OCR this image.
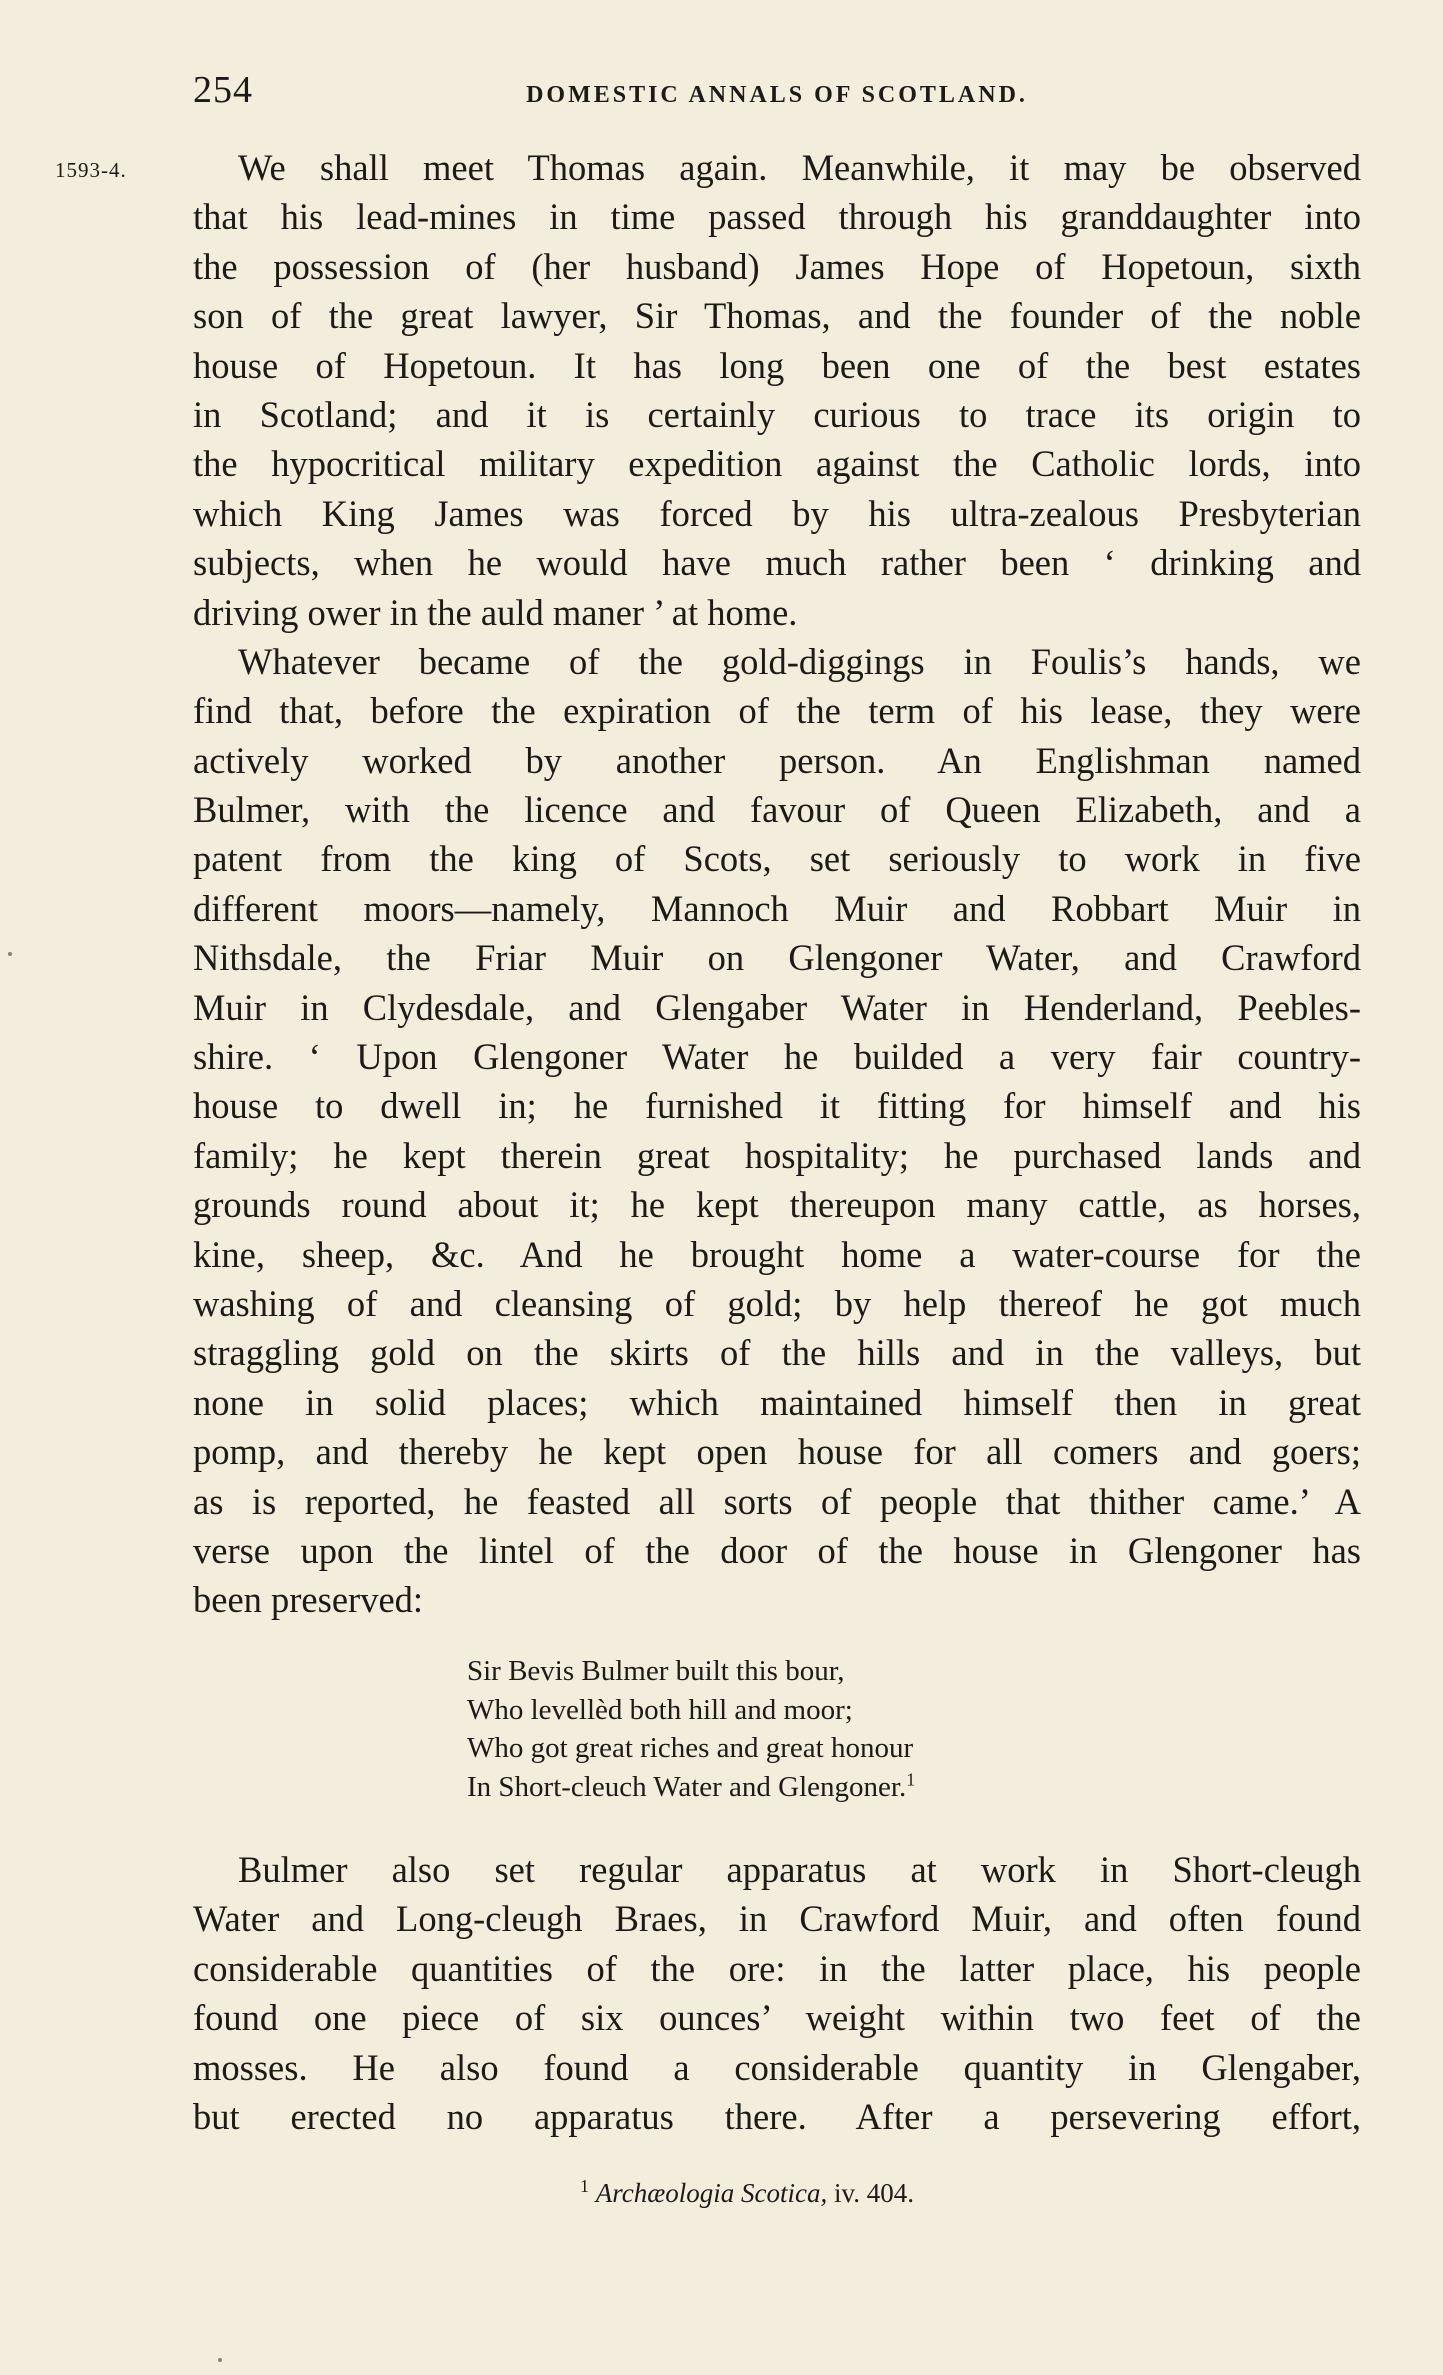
254	DOMESTIC ANNALS OF SCOTLAND.
1593-4.	We shall meet Thomas again. Meanwhile, it may be observed
that his lead-mines in time passed through his granddaughter into
the possession of (her husband) James Hope of Hopetoun, sixth
son of the great lawyer, Sir Thomas, and the founder of the noble
house of Hopetoun. It has long been one of the best estates
in Scotland; and it is certainly curious to trace its origin to
the hypocritical military expedition against the Catholic lords, into
which King James was forced by his ultra-zealous Presbyterian
subjects, when he would have much rather been ‘ drinking and
driving ower in the auld maner ’ at home.
Whatever became of the gold-diggings in Foulis’s hands, we
find that, before the expiration of the term of his lease, they were
actively worked by another person. An Englishman named
Bulmer, with the licence and favour of Queen Elizabeth, and a
patent from the king of Scots, set seriously to work in five
different moors—namely, Mannoch Muir and Robbart Muir in
Nithsdale, the Friar Muir on Glengoner Water, and Crawford
Muir in Clydesdale, and Glengaber Water in Henderland, Peebles-
shire. ‘ Upon Glengoner Water he builded a very fair country-
house to dwell in; he furnished it fitting for himself and his
family; he kept therein great hospitality; he purchased lands and
grounds round about it; he kept thereupon many cattle, as horses,
kine, sheep, &c. And he brought home a water-course for the
washing of and cleansing of gold; by help thereof he got much
straggling gold on the skirts of the hills and in the valleys, but
none in solid places; which maintained himself then in great
pomp, and thereby he kept open house for all comers and goers;
as is reported, he feasted all sorts of people that thither came.’ A
verse upon the lintel of the door of the house in Glengoner has
been preserved:
Sir Bevis Bulmer built this bour,
Who levellèd both hill and moor;
Who got great riches and great honour
In Short-cleuch Water and Glengoner.$^1$
Bulmer also set regular apparatus at work in Short-cleugh
Water and Long-cleugh Braes, in Crawford Muir, and often found
considerable quantities of the ore: in the latter place, his people
found one piece of six ounces’ weight within two feet of the
mosses. He also found a considerable quantity in Glengaber,
but erected no apparatus there. After a persevering effort,
$^1$ Archæologia Scotica, iv. 404.
